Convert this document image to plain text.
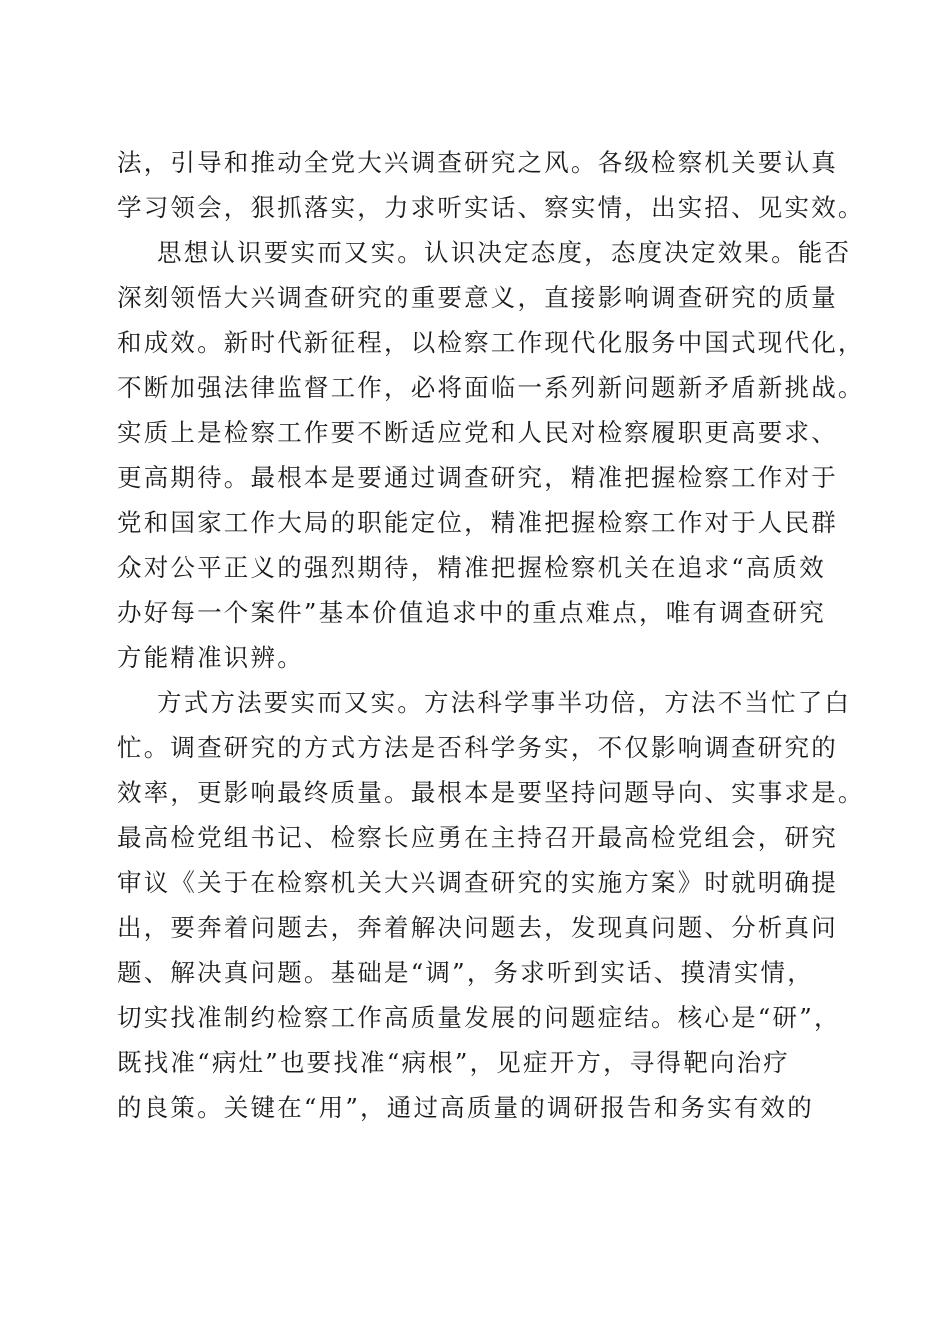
法，引导和推动全党大兴调查研究之风。各级检察机关要认真
学习领会，狠抓落实，力求听实话、察实情，出实招、见实效。
思想认识要实而又实。认识决定态度，态度决定效果。能否
深刻领悟大兴调查研究的重要意义，直接影响调查研究的质量
和成效。新时代新征程，以检察工作现代化服务中国式现代化，
不断加强法律监督工作，必将面临一系列新问题新矛盾新挑战。
实质上是检察工作要不断适应党和人民对检察履职更高要求、
更高期待。最根本是要通过调查研究，精准把握检察工作对于
党和国家工作大局的职能定位，精准把握检察工作对于人民群
众对公平正义的强烈期待，精准把握检察机关在追求“高质效
办好每一个案件”基本价值追求中的重点难点，唯有调查研究
方能精准识辨。
方式方法要实而又实。方法科学事半功倍，方法不当忙了白
忙。调查研究的方式方法是否科学务实，不仅影响调查研究的
效率，更影响最终质量。最根本是要坚持问题导向、实事求是。
最高检党组书记、检察长应勇在主持召开最高检党组会，研究
审议《关于在检察机关大兴调查研究的实施方案》时就明确提
出，要奔着问题去，奔着解决问题去，发现真问题、分析真问
题、解决真问题。基础是“调”，务求听到实话、摸清实情，
切实找准制约检察工作高质量发展的问题症结。核心是“研”，
既找准“病灶”也要找准“病根”，见症开方，寻得靶向治疗
的良策。关键在“用”，通过高质量的调研报告和务实有效的
